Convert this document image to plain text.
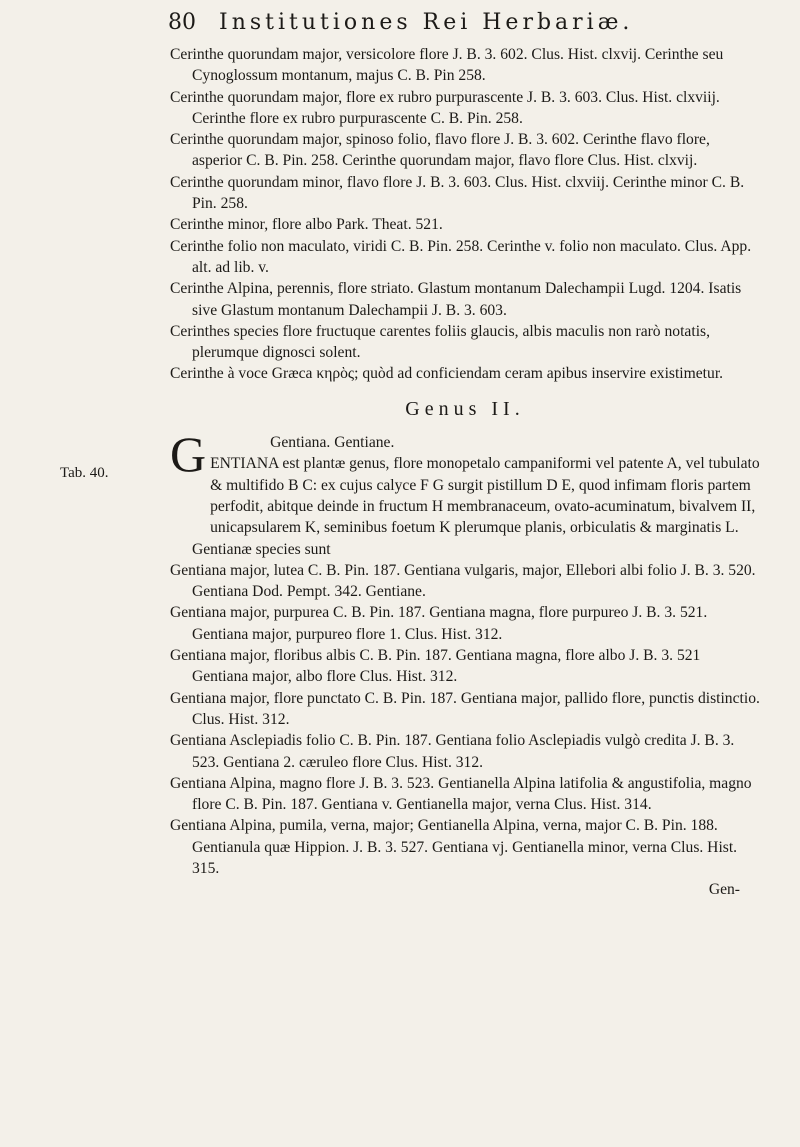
80 Institutiones Rei Herbariæ.
Tab. 40.
Cerinthe quorundam major, versicolore flore J. B. 3. 602. Clus. Hist. clxvij. Cerinthe seu Cynoglossum montanum, majus C. B. Pin 258.
Cerinthe quorundam major, flore ex rubro purpurascente J. B. 3. 603. Clus. Hist. clxviij. Cerinthe flore ex rubro purpurascente C. B. Pin. 258.
Cerinthe quorundam major, spinoso folio, flavo flore J. B. 3. 602. Cerinthe flavo flore, asperior C. B. Pin. 258. Cerinthe quorundam major, flavo flore Clus. Hist. clxvij.
Cerinthe quorundam minor, flavo flore J. B. 3. 603. Clus. Hist. clxviij. Cerinthe minor C. B. Pin. 258.
Cerinthe minor, flore albo Park. Theat. 521.
Cerinthe folio non maculato, viridi C. B. Pin. 258. Cerinthe v. folio non maculato. Clus. App. alt. ad lib. v.
Cerinthe Alpina, perennis, flore striato. Glastum montanum Dalechampii Lugd. 1204. Isatis sive Glastum montanum Dalechampii J. B. 3. 603.
Cerinthes species flore fructuque carentes foliis glaucis, albis maculis non rarò notatis, plerumque dignosci solent.
Cerinthe à voce Græca κηρὸς; quòd ad conficiendam ceram apibus inservire existimetur.
Genus II.
G	Gentiana. Gentiane.
ENTIANA est plantæ genus, flore monopetalo campaniformi vel patente A, vel tubulato & multifido B C: ex cujus calyce F G surgit pistillum D E, quod infimam floris partem perfodit, abitque deinde in fructum H membranaceum, ovato-acuminatum, bivalvem II, unicapsularem K, seminibus foetum K plerumque planis, orbiculatis & marginatis L.
Gentianæ species sunt
Gentiana major, lutea C. B. Pin. 187. Gentiana vulgaris, major, Ellebori albi folio J. B. 3. 520. Gentiana Dod. Pempt. 342. Gentiane.
Gentiana major, purpurea C. B. Pin. 187. Gentiana magna, flore purpureo J. B. 3. 521. Gentiana major, purpureo flore 1. Clus. Hist. 312.
Gentiana major, floribus albis C. B. Pin. 187. Gentiana magna, flore albo J. B. 3. 521 Gentiana major, albo flore Clus. Hist. 312.
Gentiana major, flore punctato C. B. Pin. 187. Gentiana major, pallido flore, punctis distinctio. Clus. Hist. 312.
Gentiana Asclepiadis folio C. B. Pin. 187. Gentiana folio Asclepiadis vulgò credita J. B. 3. 523. Gentiana 2. cæruleo flore Clus. Hist. 312.
Gentiana Alpina, magno flore J. B. 3. 523. Gentianella Alpina latifolia & angustifolia, magno flore C. B. Pin. 187. Gentiana v. Gentianella major, verna Clus. Hist. 314.
Gentiana Alpina, pumila, verna, major; Gentianella Alpina, verna, major C. B. Pin. 188. Gentianula quæ Hippion. J. B. 3. 527. Gentiana vj. Gentianella minor, verna Clus. Hist. 315.
Gen-
